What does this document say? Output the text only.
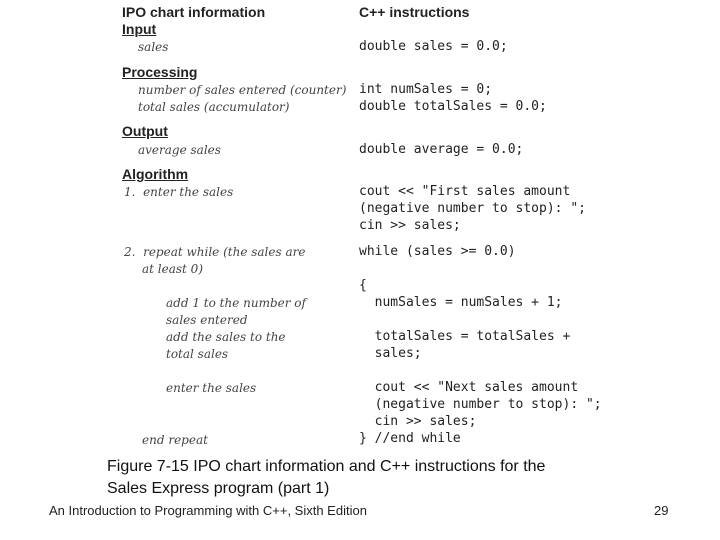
IPO chart information
Input
sales
Processing
number of sales entered (counter)
total sales (accumulator)
Output
average sales
Algorithm
1.  enter the sales
2.  repeat while (the sales are
at least 0)
add 1 to the number of
sales entered
add the sales to the
total sales
enter the sales
end repeat
C++ instructions
double sales = 0.0;
int numSales = 0;
double totalSales = 0.0;
double average = 0.0;
cout << "First sales amount
(negative number to stop): ";
cin >> sales;
while (sales >= 0.0)
{
numSales = numSales + 1;
totalSales = totalSales +
sales;
cout << "Next sales amount
(negative number to stop): ";
cin >> sales;
} //end while
Figure 7-15 IPO chart information and C++ instructions for the
Sales Express program (part 1)
An Introduction to Programming with C++, Sixth Edition	29
